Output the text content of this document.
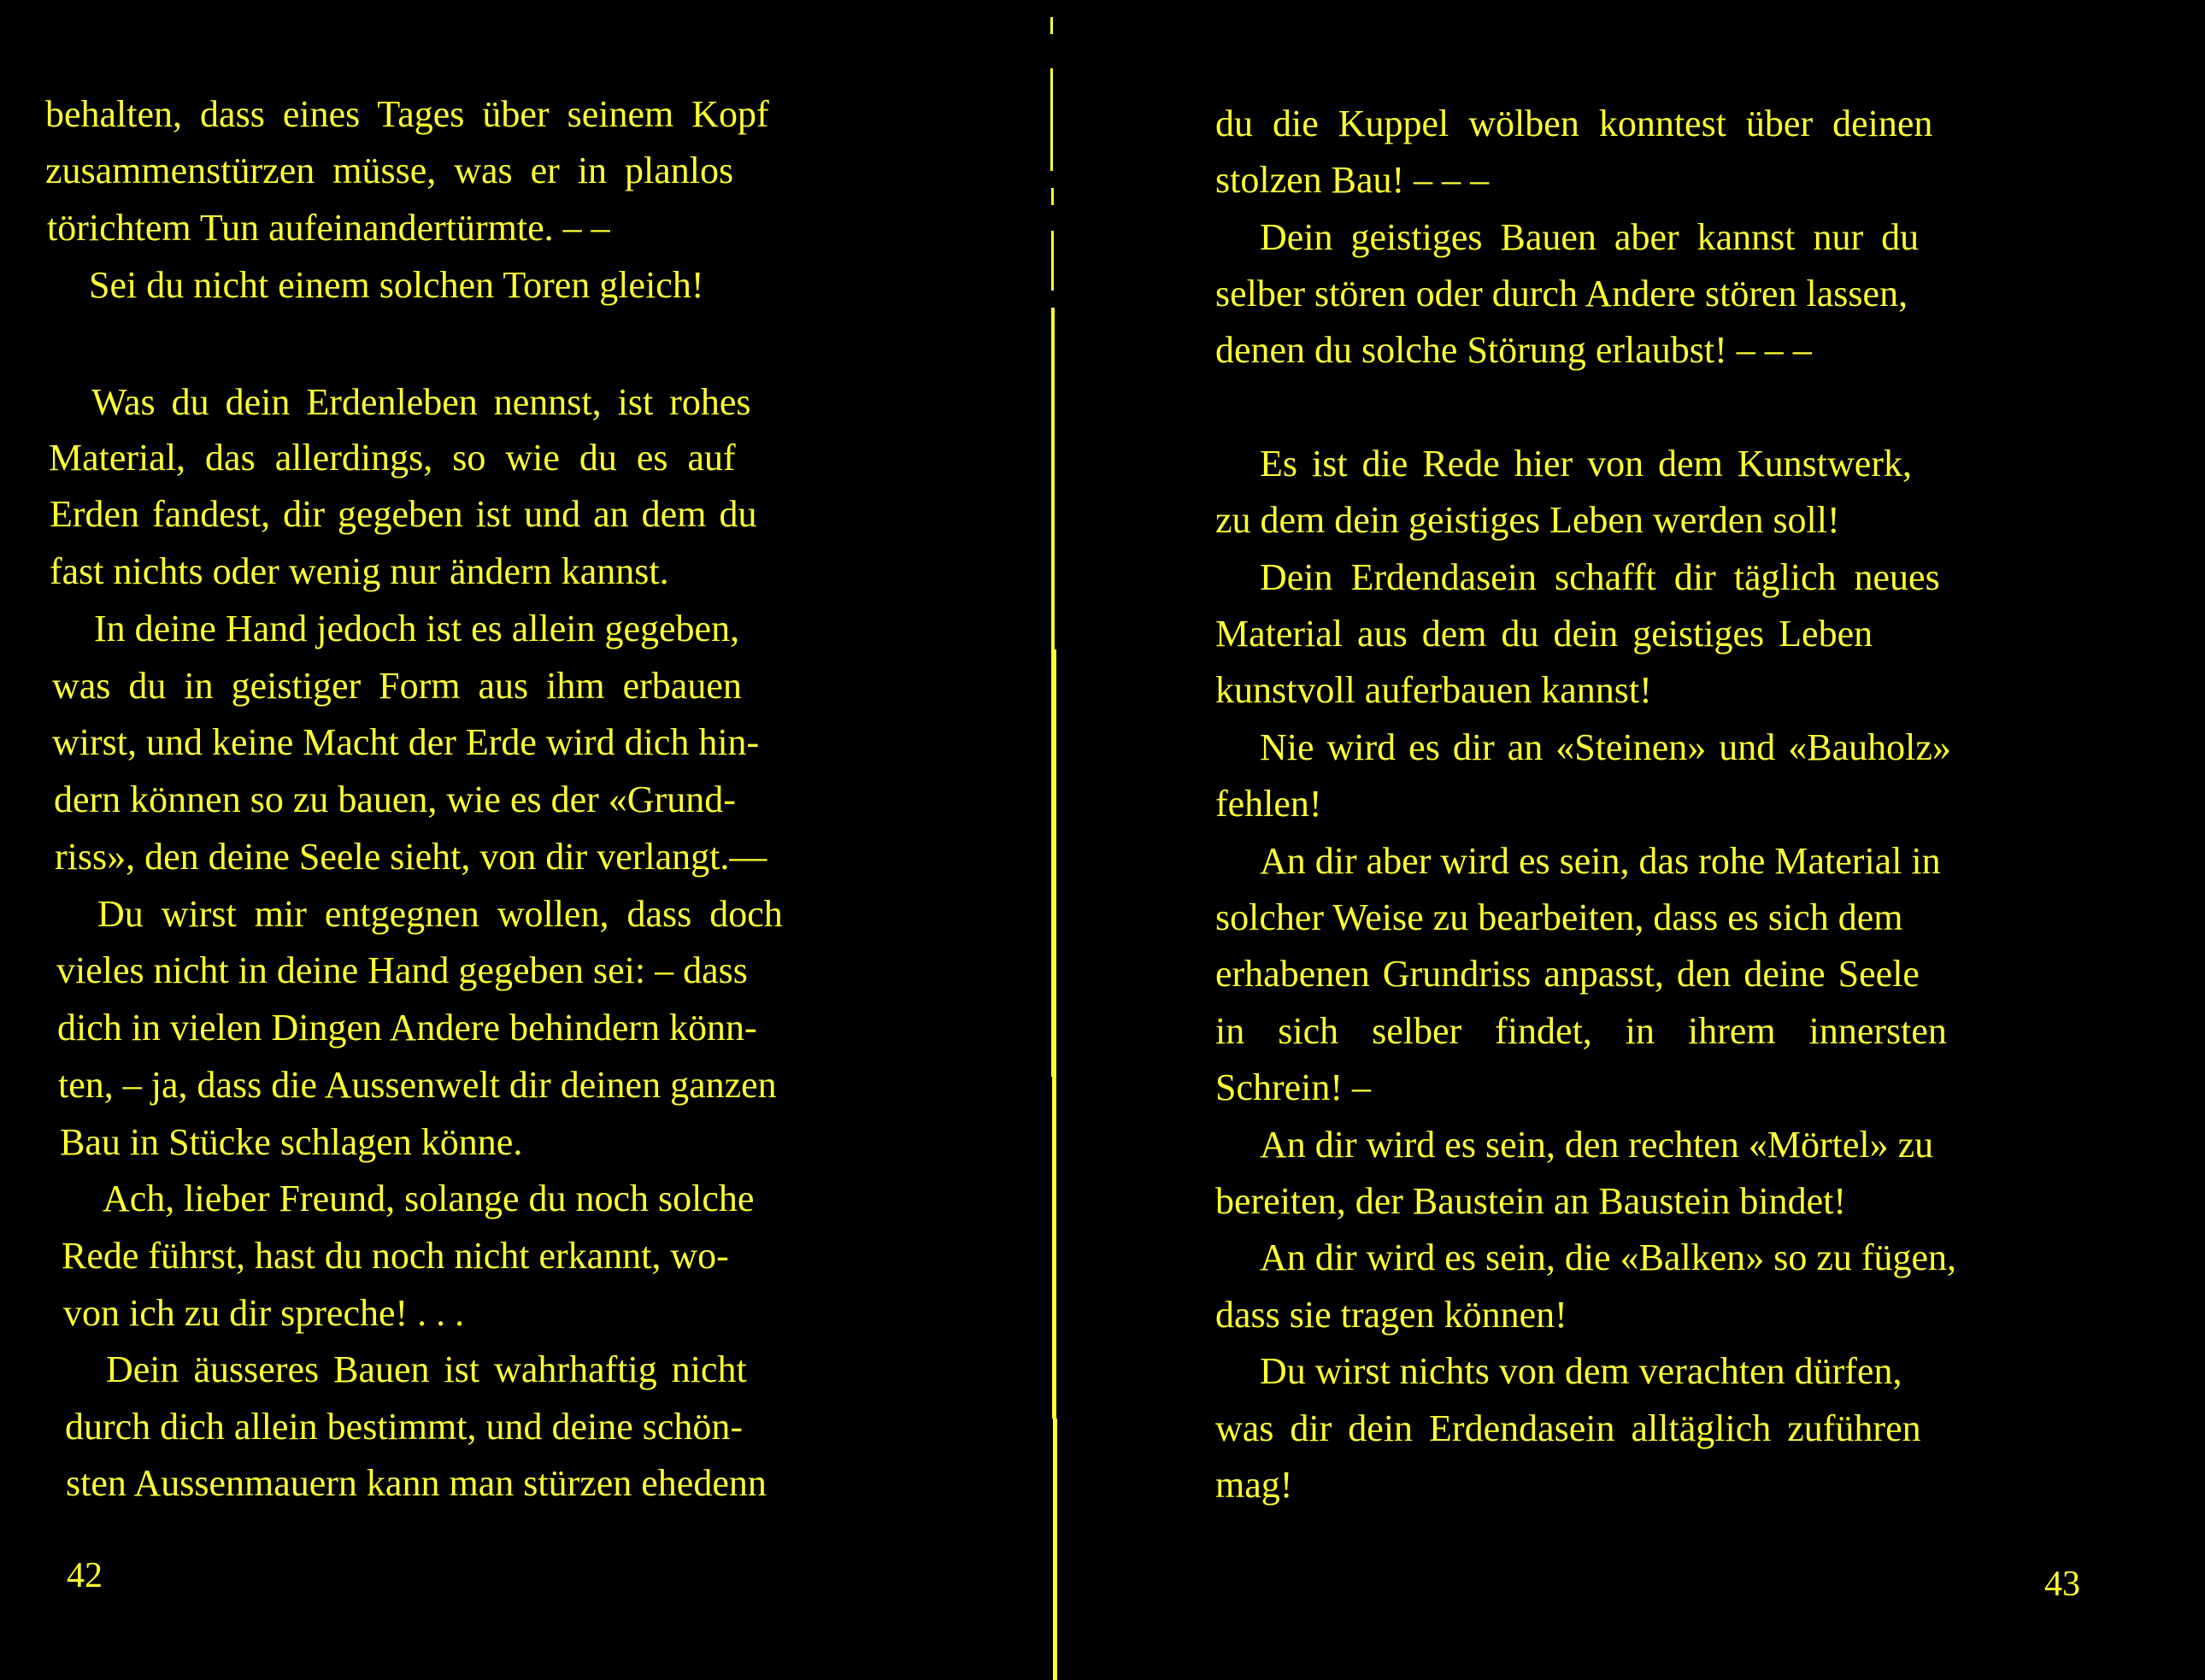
behalten, dass eines Tages über seinem Kopf
zusammenstürzen müsse, was er in planlos
törichtem Tun aufeinandertürmte. – –
Sei du nicht einem solchen Toren gleich!
Was du dein Erdenleben nennst, ist rohes
Material, das allerdings, so wie du es auf
Erden fandest, dir gegeben ist und an dem du
fast nichts oder wenig nur ändern kannst.
In deine Hand jedoch ist es allein gegeben,
was du in geistiger Form aus ihm erbauen
wirst, und keine Macht der Erde wird dich hin-
dern können so zu bauen, wie es der «Grund-
riss», den deine Seele sieht, von dir verlangt.—
Du wirst mir entgegnen wollen, dass doch
vieles nicht in deine Hand gegeben sei: – dass
dich in vielen Dingen Andere behindern könn-
ten, – ja, dass die Aussenwelt dir deinen ganzen
Bau in Stücke schlagen könne.
Ach, lieber Freund, solange du noch solche
Rede führst, hast du noch nicht erkannt, wo-
von ich zu dir spreche! . . .
Dein äusseres Bauen ist wahrhaftig nicht
durch dich allein bestimmt, und deine schön-
sten Aussenmauern kann man stürzen ehedenn
42
du die Kuppel wölben konntest über deinen
stolzen Bau! – – –
Dein geistiges Bauen aber kannst nur du
selber stören oder durch Andere stören lassen,
denen du solche Störung erlaubst! – – –
Es ist die Rede hier von dem Kunstwerk,
zu dem dein geistiges Leben werden soll!
Dein Erdendasein schafft dir täglich neues
Material aus dem du dein geistiges Leben
kunstvoll auferbauen kannst!
Nie wird es dir an «Steinen» und «Bauholz»
fehlen!
An dir aber wird es sein, das rohe Material in
solcher Weise zu bearbeiten, dass es sich dem
erhabenen Grundriss anpasst, den deine Seele
in sich selber findet, in ihrem innersten
Schrein! –
An dir wird es sein, den rechten «Mörtel» zu
bereiten, der Baustein an Baustein bindet!
An dir wird es sein, die «Balken» so zu fügen,
dass sie tragen können!
Du wirst nichts von dem verachten dürfen,
was dir dein Erdendasein alltäglich zuführen
mag!
43
